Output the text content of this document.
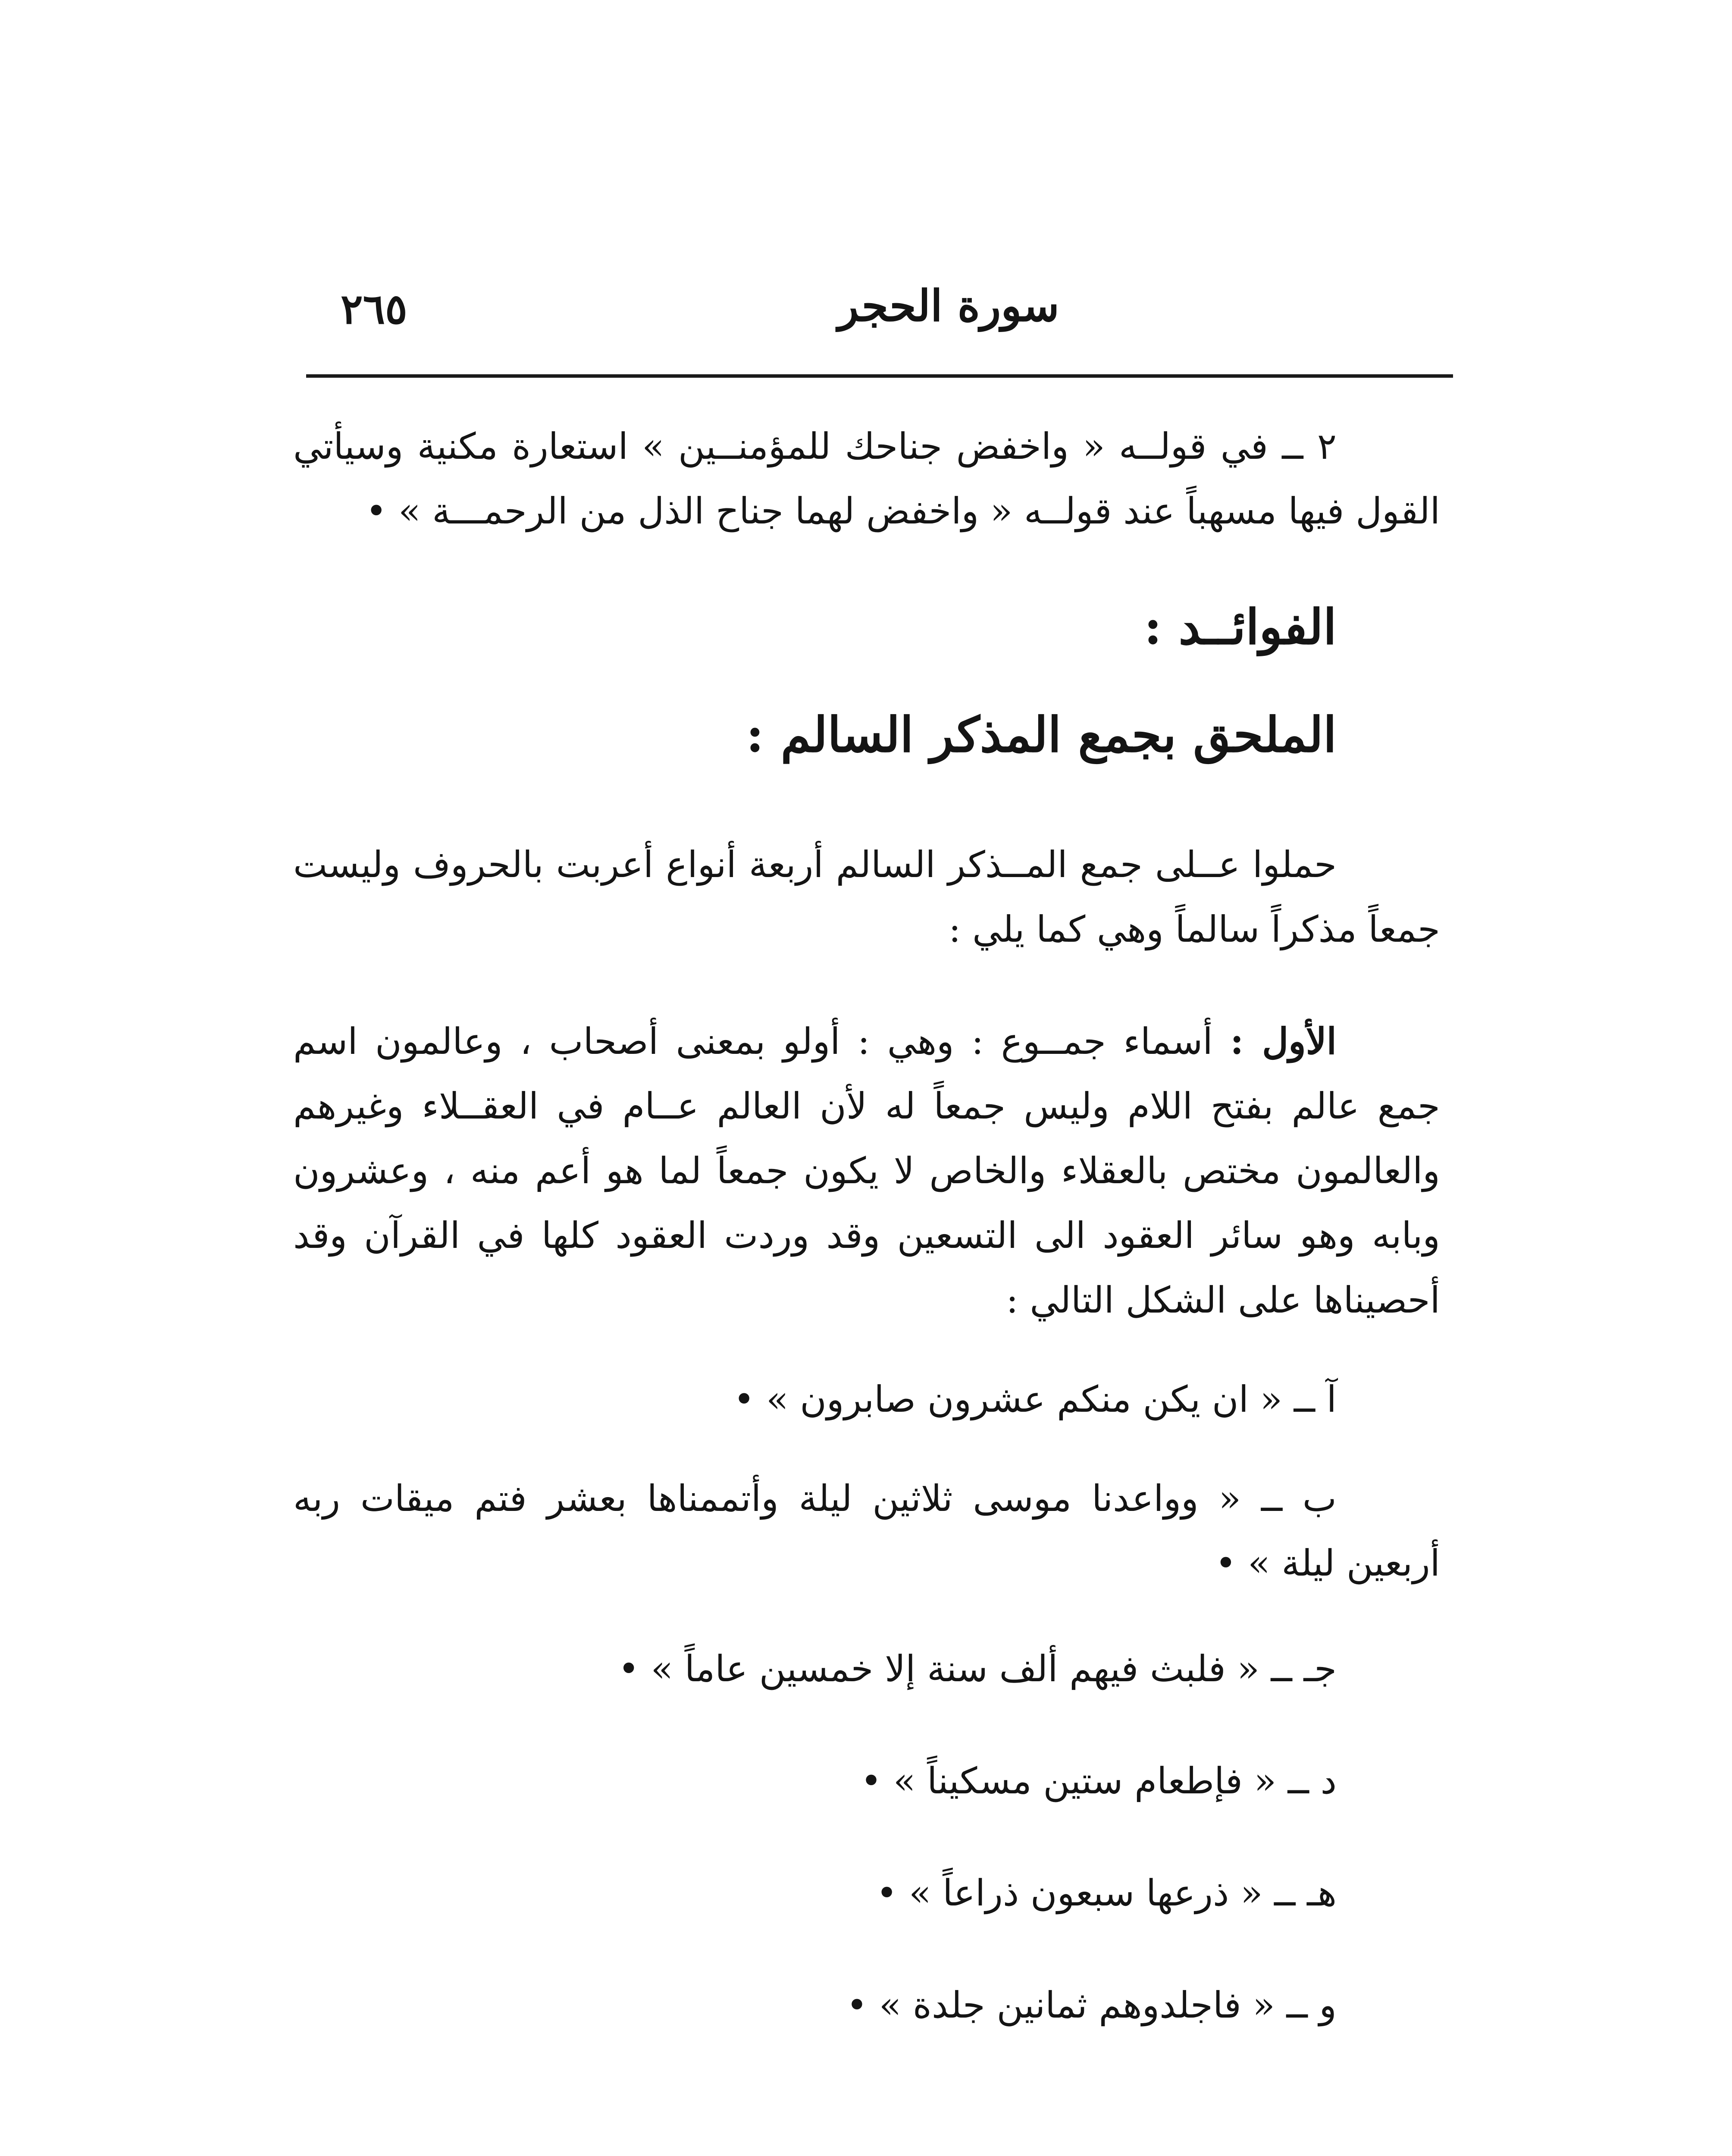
٢٦٥	سورة الحجر

٢ ــ في قولــه « واخفض جناحك للمؤمنــين » استعارة مكنية وسيأتي القول فيها مسهباً عند قولــه « واخفض لهما جناح الذل من الرحمـــة » •

الفوائــد :

الملحق بجمع المذكر السالم :

حملوا عــلى جمع المــذكر السالم أربعة أنواع أعربت بالحروف وليست جمعاً مذكراً سالماً وهي كما يلي :

الأول : أسماء جمــوع : وهي : أولو بمعنى أصحاب ، وعالمون اسم جمع عالم بفتح اللام وليس جمعاً له لأن العالم عــام في العقــلاء وغيرهم والعالمون مختص بالعقلاء والخاص لا يكون جمعاً لما هو أعم منه ، وعشرون وبابه وهو سائر العقود الى التسعين وقد وردت العقود كلها في القرآن وقد أحصيناها على الشكل التالي :

آ ــ « ان يكن منكم عشرون صابرون » •

ب ــ « وواعدنا موسى ثلاثين ليلة وأتممناها بعشر فتم ميقات ربه أربعين ليلة » •

جـ ــ « فلبث فيهم ألف سنة إلا خمسين عاماً » •

د ــ « فإطعام ستين مسكيناً » •

هـ ــ « ذرعها سبعون ذراعاً » •

و ــ « فاجلدوهم ثمانين جلدة » •
